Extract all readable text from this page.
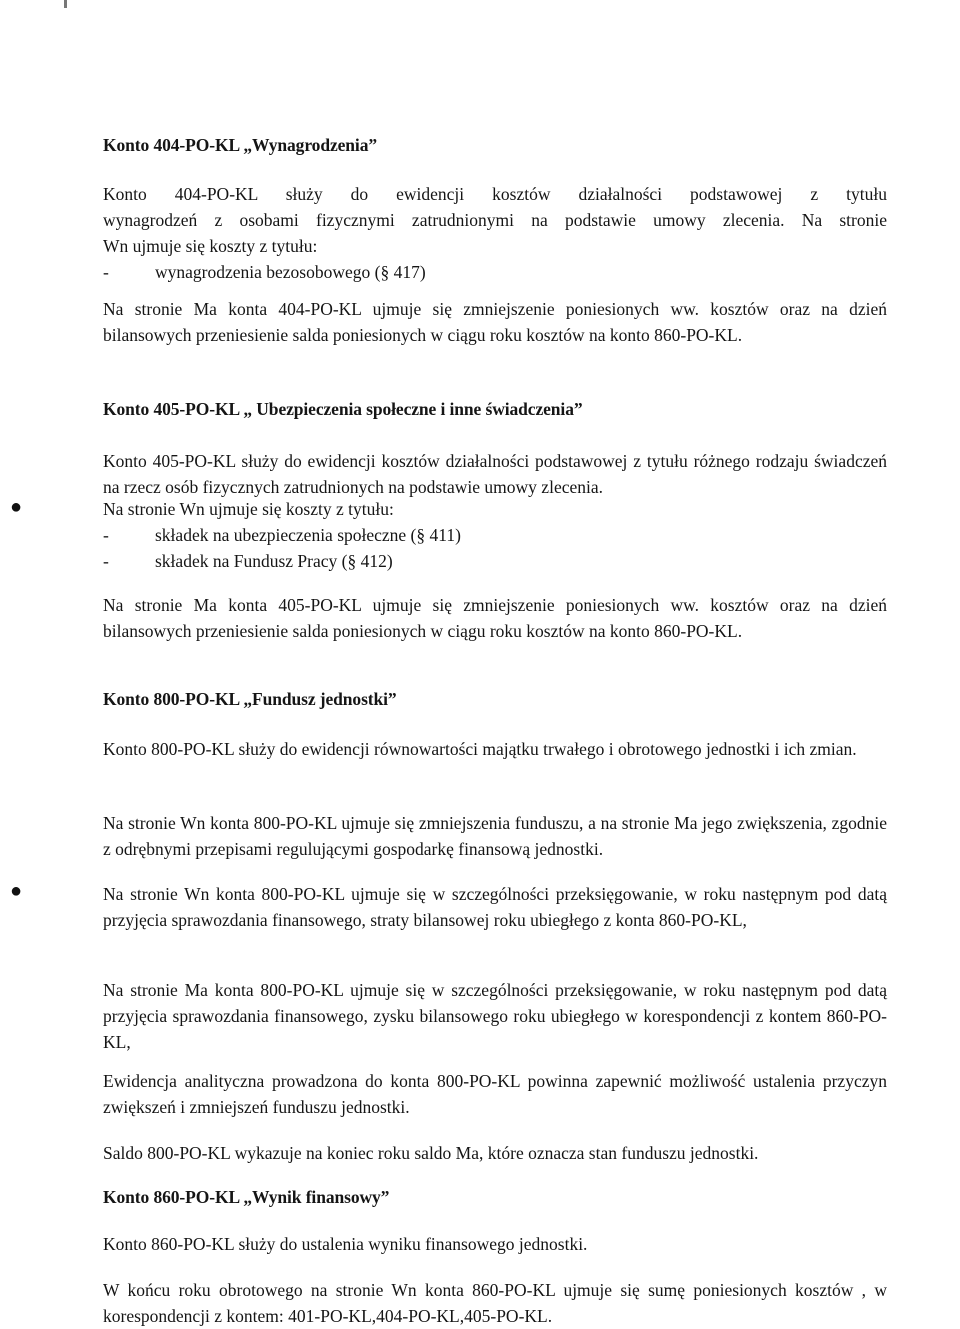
●
●
Konto 404-PO-KL „Wynagrodzenia”

Konto 404-PO-KL służy do ewidencji kosztów działalności podstawowej z tytułu

wynagrodzeń z osobami fizycznymi zatrudnionymi na podstawie umowy zlecenia. Na stronie

Wn ujmuje się koszty z tytułu:

- wynagrodzenia bezosobowego (§ 417)

Na stronie Ma konta 404-PO-KL ujmuje się zmniejszenie poniesionych ww. kosztów oraz na dzień bilansowych przeniesienie salda poniesionych w ciągu roku kosztów na konto 860-PO-KL.

Konto 405-PO-KL „ Ubezpieczenia społeczne i inne świadczenia”

Konto 405-PO-KL służy do ewidencji kosztów działalności podstawowej z tytułu różnego rodzaju świadczeń na rzecz osób fizycznych zatrudnionych na podstawie umowy zlecenia.

Na stronie Wn ujmuje się koszty z tytułu:

- składek na ubezpieczenia społeczne (§ 411)
- składek na Fundusz Pracy (§ 412)

Na stronie Ma konta 405-PO-KL ujmuje się zmniejszenie poniesionych ww. kosztów oraz na dzień bilansowych przeniesienie salda poniesionych w ciągu roku kosztów na konto 860-PO-KL.

Konto 800-PO-KL „Fundusz jednostki”

Konto 800-PO-KL służy do ewidencji równowartości majątku trwałego i obrotowego jednostki i ich zmian.

Na stronie Wn konta 800-PO-KL ujmuje się zmniejszenia funduszu, a na stronie Ma jego zwiększenia, zgodnie z odrębnymi przepisami regulującymi gospodarkę finansową jednostki.

Na stronie Wn konta 800-PO-KL ujmuje się w szczególności przeksięgowanie, w roku następnym pod datą przyjęcia sprawozdania finansowego, straty bilansowej roku ubiegłego z konta 860-PO-KL,

Na stronie Ma konta 800-PO-KL ujmuje się w szczególności przeksięgowanie, w roku następnym pod datą przyjęcia sprawozdania finansowego, zysku bilansowego roku ubiegłego w korespondencji z kontem 860-PO-KL,

Ewidencja analityczna prowadzona do konta 800-PO-KL powinna zapewnić możliwość ustalenia przyczyn zwiększeń i zmniejszeń funduszu jednostki.

Saldo 800-PO-KL wykazuje na koniec roku saldo Ma, które oznacza stan funduszu jednostki.

Konto 860-PO-KL „Wynik finansowy”

Konto 860-PO-KL służy do ustalenia wyniku finansowego jednostki.

W końcu roku obrotowego na stronie Wn konta 860-PO-KL ujmuje się sumę poniesionych kosztów , w korespondencji z kontem: 401-PO-KL,404-PO-KL,405-PO-KL.
